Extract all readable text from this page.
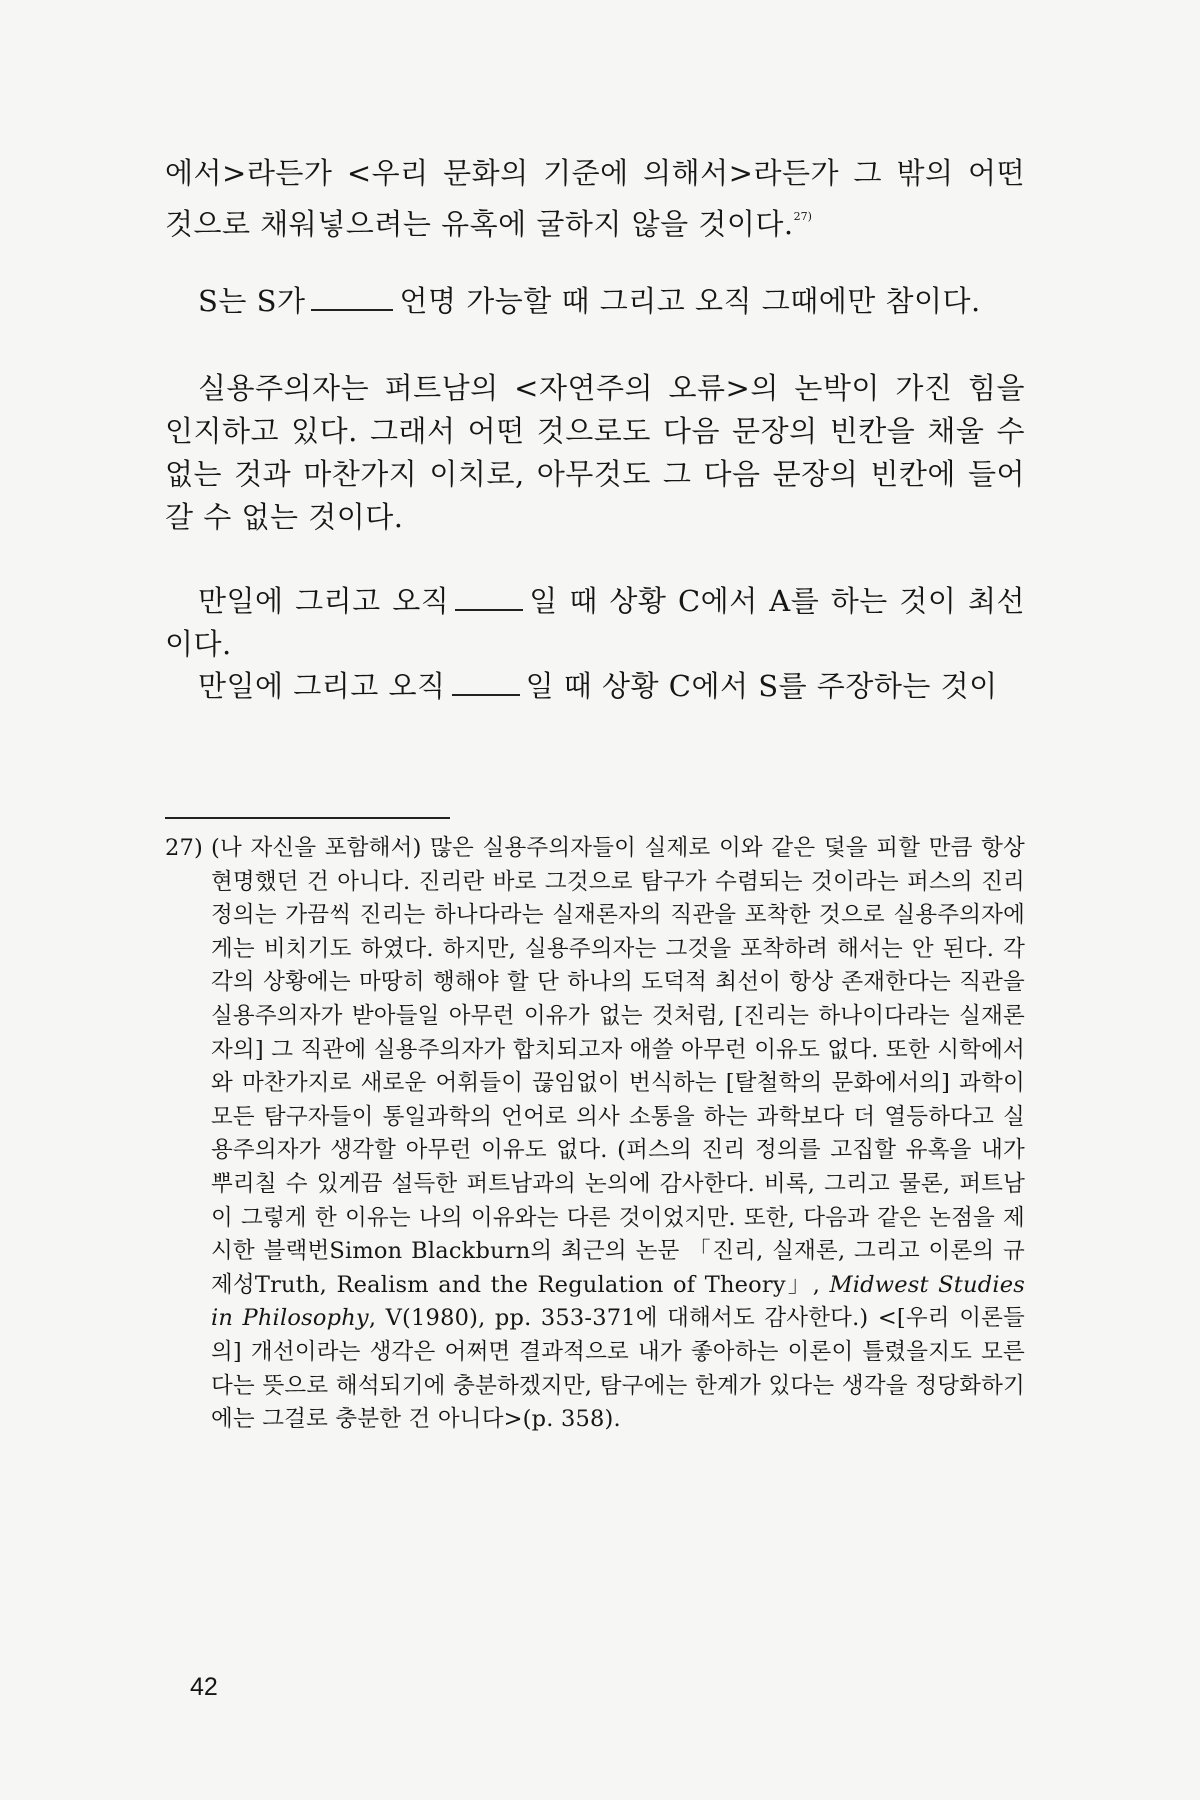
에서>라든가 <우리 문화의 기준에 의해서>라든가 그 밖의 어떤 것으로 채워넣으려는 유혹에 굴하지 않을 것이다.$^{27)}$

S는 S가	언명 가능할 때 그리고 오직 그때에만 참이다.

실용주의자는 퍼트남의 <자연주의 오류>의 논박이 가진 힘을 인지하고 있다. 그래서 어떤 것으로도 다음 문장의 빈칸을 채울 수 없는 것과 마찬가지 이치로, 아무것도 그 다음 문장의 빈칸에 들어갈 수 없는 것이다.

만일에 그리고 오직	일 때 상황 C에서 A를 하는 것이 최선이다.

만일에 그리고 오직	일 때 상황 C에서 S를 주장하는 것이

27) (나 자신을 포함해서) 많은 실용주의자들이 실제로 이와 같은 덫을 피할 만큼 항상 현명했던 건 아니다. 진리란 바로 그것으로 탐구가 수렴되는 것이라는 퍼스의 진리 정의는 가끔씩 진리는 하나다라는 실재론자의 직관을 포착한 것으로 실용주의자에게는 비치기도 하였다. 하지만, 실용주의자는 그것을 포착하려 해서는 안 된다. 각각의 상황에는 마땅히 행해야 할 단 하나의 도덕적 최선이 항상 존재한다는 직관을 실용주의자가 받아들일 아무런 이유가 없는 것처럼, [진리는 하나이다라는 실재론자의] 그 직관에 실용주의자가 합치되고자 애쓸 아무런 이유도 없다. 또한 시학에서와 마찬가지로 새로운 어휘들이 끊임없이 번식하는 [탈철학의 문화에서의] 과학이 모든 탐구자들이 통일과학의 언어로 의사 소통을 하는 과학보다 더 열등하다고 실용주의자가 생각할 아무런 이유도 없다. (퍼스의 진리 정의를 고집할 유혹을 내가 뿌리칠 수 있게끔 설득한 퍼트남과의 논의에 감사한다. 비록, 그리고 물론, 퍼트남이 그렇게 한 이유는 나의 이유와는 다른 것이었지만. 또한, 다음과 같은 논점을 제시한 블랙번Simon Blackburn의 최근의 논문 「진리, 실재론, 그리고 이론의 규제성Truth, Realism and the Regulation of Theory」, Midwest Studies in Philosophy, V(1980), pp. 353-371에 대해서도 감사한다.) <[우리 이론들의] 개선이라는 생각은 어쩌면 결과적으로 내가 좋아하는 이론이 틀렸을지도 모른다는 뜻으로 해석되기에 충분하겠지만, 탐구에는 한계가 있다는 생각을 정당화하기에는 그걸로 충분한 건 아니다>(p. 358).
42
